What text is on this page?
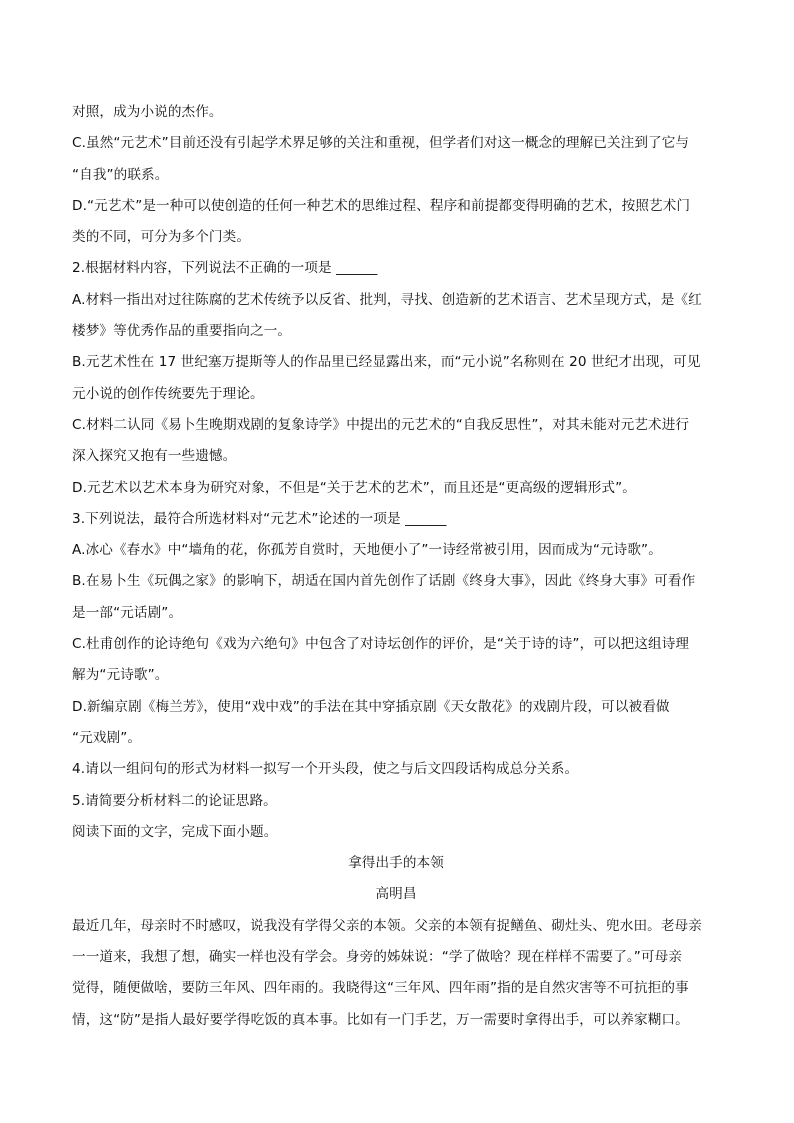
对照，成为小说的杰作。
C.虽然“元艺术”目前还没有引起学术界足够的关注和重视，但学者们对这一概念的理解已关注到了它与
“自我”的联系。
D.“元艺术”是一种可以使创造的任何一种艺术的思维过程、程序和前提都变得明确的艺术，按照艺术门
类的不同，可分为多个门类。
2.根据材料内容，下列说法不正确的一项是 ______
A.材料一指出对过往陈腐的艺术传统予以反省、批判，寻找、创造新的艺术语言、艺术呈现方式，是《红
楼梦》等优秀作品的重要指向之一。
B.元艺术性在 17 世纪塞万提斯等人的作品里已经显露出来，而“元小说”名称则在 20 世纪才出现，可见
元小说的创作传统要先于理论。
C.材料二认同《易卜生晚期戏剧的复象诗学》中提出的元艺术的“自我反思性”，对其未能对元艺术进行
深入探究又抱有一些遗憾。
D.元艺术以艺术本身为研究对象，不但是“关于艺术的艺术”，而且还是“更高级的逻辑形式”。
3.下列说法，最符合所选材料对“元艺术”论述的一项是 ______
A.冰心《春水》中“墙角的花，你孤芳自赏时，天地便小了”一诗经常被引用，因而成为“元诗歌”。
B.在易卜生《玩偶之家》的影响下，胡适在国内首先创作了话剧《终身大事》，因此《终身大事》可看作
是一部“元话剧”。
C.杜甫创作的论诗绝句《戏为六绝句》中包含了对诗坛创作的评价，是“关于诗的诗”，可以把这组诗理
解为“元诗歌”。
D.新编京剧《梅兰芳》，使用“戏中戏”的手法在其中穿插京剧《天女散花》的戏剧片段，可以被看做
“元戏剧”。
4.请以一组问句的形式为材料一拟写一个开头段，使之与后文四段话构成总分关系。
5.请简要分析材料二的论证思路。
阅读下面的文字，完成下面小题。
拿得出手的本领
高明昌
最近几年，母亲时不时感叹，说我没有学得父亲的本领。父亲的本领有捉鳝鱼、砌灶头、兜水田。老母亲
一一道来，我想了想，确实一样也没有学会。身旁的姊妹说：“学了做啥？现在样样不需要了。”可母亲
觉得，随便做啥，要防三年风、四年雨的。我晓得这“三年风、四年雨”指的是自然灾害等不可抗拒的事
情，这“防”是指人最好要学得吃饭的真本事。比如有一门手艺，万一需要时拿得出手，可以养家糊口。
